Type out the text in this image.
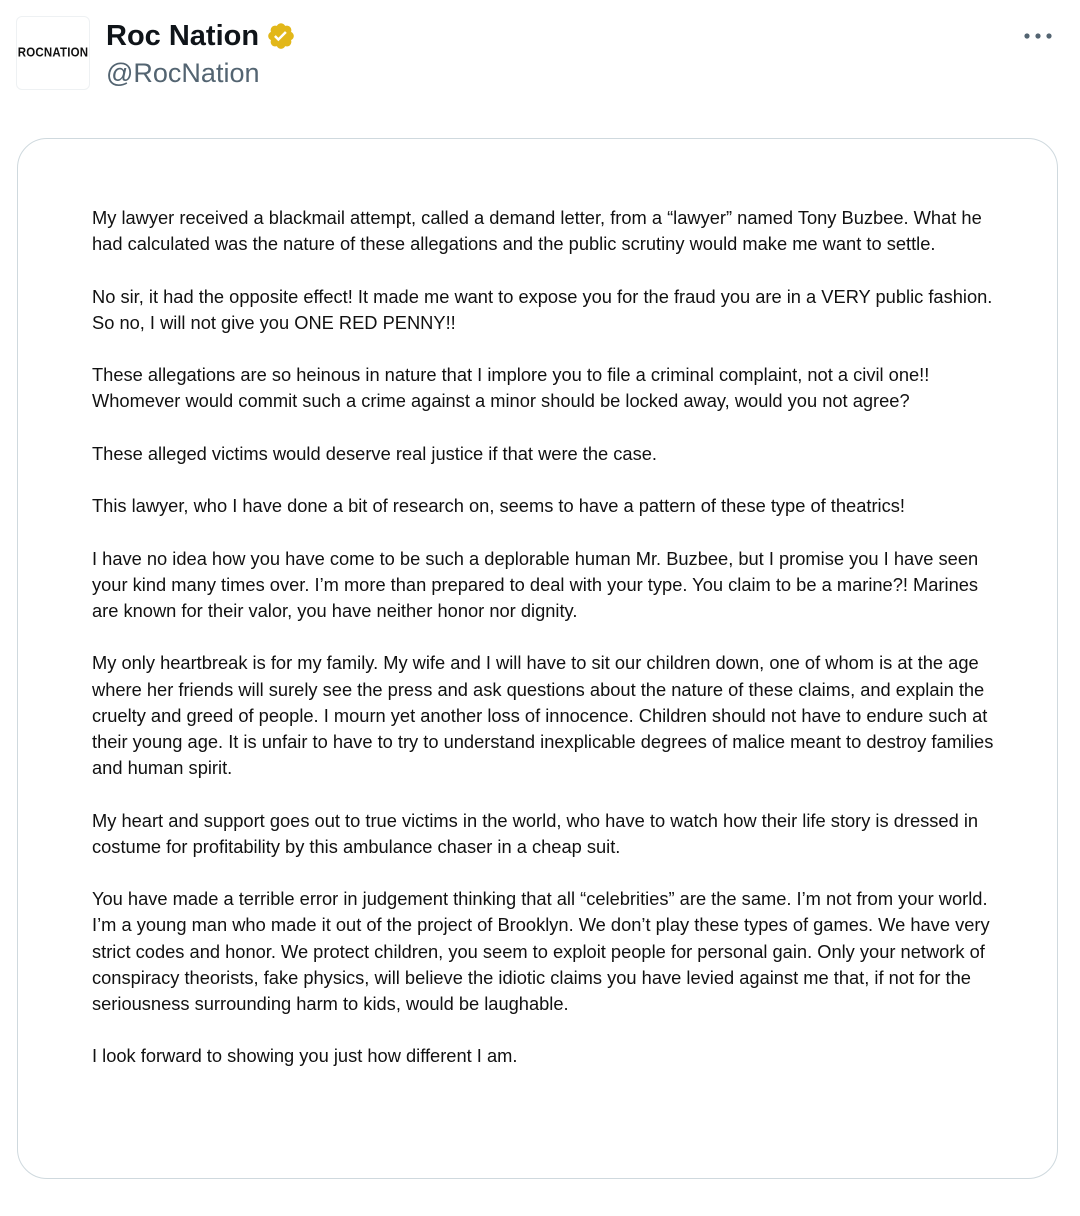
ROCNATION
Roc Nation
@RocNation

My lawyer received a blackmail attempt, called a demand letter, from a “lawyer” named Tony Buzbee. What he had calculated was the nature of these allegations and the public scrutiny would make me want to settle.

No sir, it had the opposite effect! It made me want to expose you for the fraud you are in a VERY public fashion. So no, I will not give you ONE RED PENNY!!

These allegations are so heinous in nature that I implore you to file a criminal complaint, not a civil one!! Whomever would commit such a crime against a minor should be locked away, would you not agree?

These alleged victims would deserve real justice if that were the case.

This lawyer, who I have done a bit of research on, seems to have a pattern of these type of theatrics!

I have no idea how you have come to be such a deplorable human Mr. Buzbee, but I promise you I have seen your kind many times over. I’m more than prepared to deal with your type. You claim to be a marine?! Marines are known for their valor, you have neither honor nor dignity.

My only heartbreak is for my family. My wife and I will have to sit our children down, one of whom is at the age where her friends will surely see the press and ask questions about the nature of these claims, and explain the cruelty and greed of people. I mourn yet another loss of innocence. Children should not have to endure such at their young age. It is unfair to have to try to understand inexplicable degrees of malice meant to destroy families and human spirit.

My heart and support goes out to true victims in the world, who have to watch how their life story is dressed in costume for profitability by this ambulance chaser in a cheap suit.

You have made a terrible error in judgement thinking that all “celebrities” are the same. I’m not from your world. I’m a young man who made it out of the project of Brooklyn. We don’t play these types of games. We have very strict codes and honor. We protect children, you seem to exploit people for personal gain. Only your network of conspiracy theorists, fake physics, will believe the idiotic claims you have levied against me that, if not for the seriousness surrounding harm to kids, would be laughable.

I look forward to showing you just how different I am.
